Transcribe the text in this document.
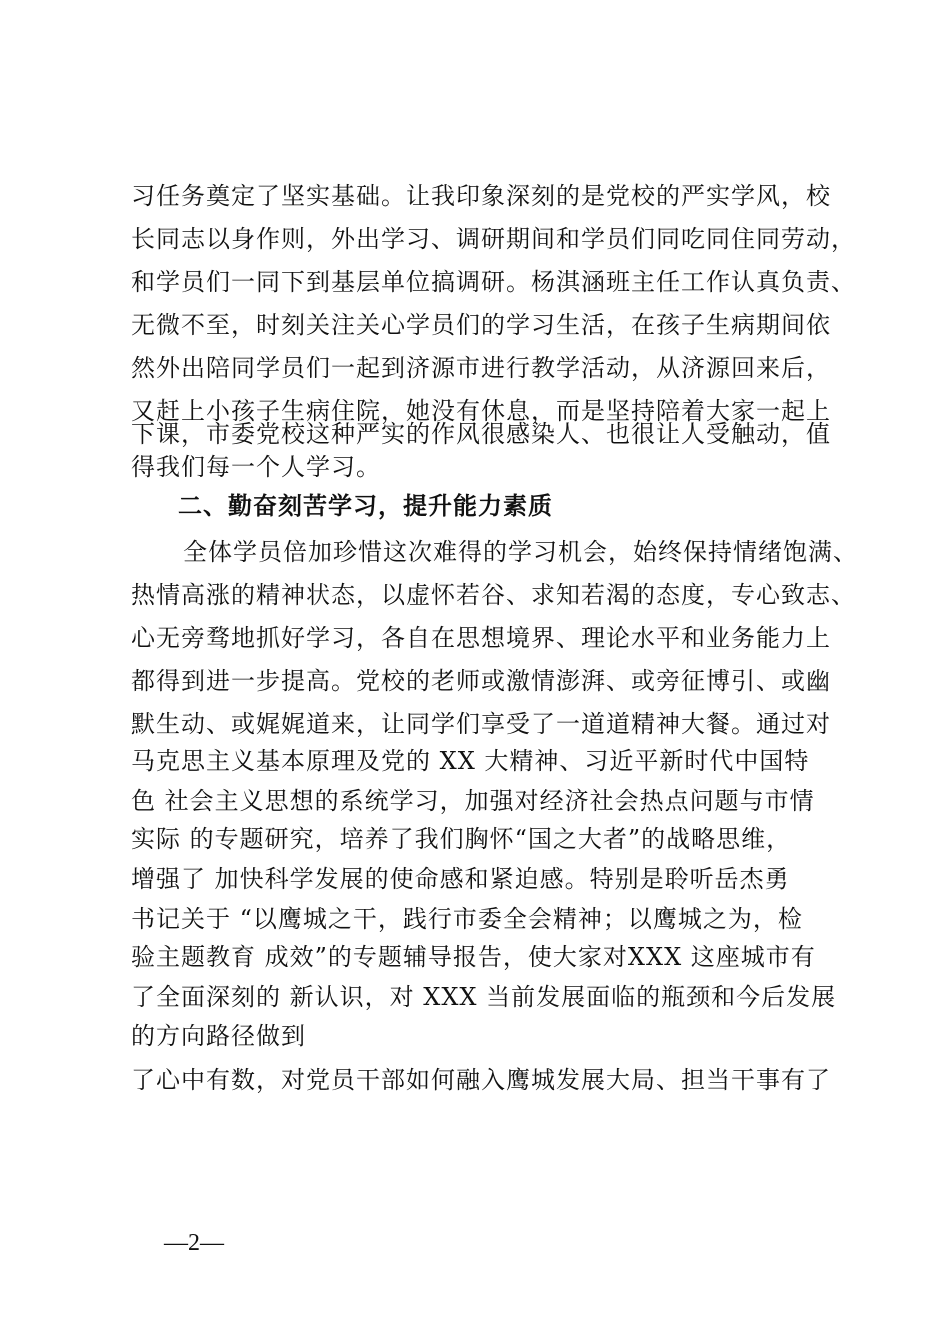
习任务奠定了坚实基础。让我印象深刻的是党校的严实学风，校
长同志以身作则，外出学习、调研期间和学员们同吃同住同劳动，
和学员们一同下到基层单位搞调研。杨淇涵班主任工作认真负责、
无微不至，时刻关注关心学员们的学习生活，在孩子生病期间依
然外出陪同学员们一起到济源市进行教学活动，从济源回来后，
又赶上小孩子生病住院，她没有休息，而是坚持陪着大家一起上
下课，市委党校这种严实的作风很感染人、也很让人受触动，值
得我们每一个人学习。
二、勤奋刻苦学习，提升能力素质
全体学员倍加珍惜这次难得的学习机会，始终保持情绪饱满、
热情高涨的精神状态，以虚怀若谷、求知若渴的态度，专心致志、
心无旁骛地抓好学习，各自在思想境界、理论水平和业务能力上
都得到进一步提高。党校的老师或激情澎湃、或旁征博引、或幽
默生动、或娓娓道来，让同学们享受了一道道精神大餐。通过对
马克思主义基本原理及党的 XX 大精神、习近平新时代中国特
色 社会主义思想的系统学习，加强对经济社会热点问题与市情
实际 的专题研究，培养了我们胸怀“国之大者”的战略思维，
增强了 加快科学发展的使命感和紧迫感。特别是聆听岳杰勇
书记关于 “以鹰城之干，践行市委全会精神；以鹰城之为，检
验主题教育 成效”的专题辅导报告，使大家对XXX 这座城市有
了全面深刻的 新认识，对 XXX 当前发展面临的瓶颈和今后发展
的方向路径做到
了心中有数，对党员干部如何融入鹰城发展大局、担当干事有了
—2—
